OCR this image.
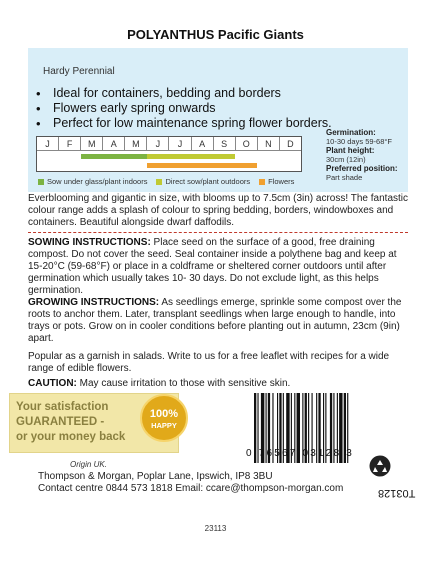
POLYANTHUS Pacific Giants
Hardy Perennial
• Ideal for containers, bedding and borders
• Flowers early spring onwards
• Perfect for low maintenance spring flower borders.
J	F	M	A	M	J	J	A	S	O	N	D
Sow under glass/plant indoors Direct sow/plant outdoors Flowers
Germination:
10-30 days 59-68°F
Plant height:
30cm (12in)
Preferred position:
Part shade
Everblooming and gigantic in size, with blooms up to 7.5cm (3in) across! The fantastic colour range adds a splash of colour to spring bedding, borders, windowboxes and containers. Beautiful alongside dwarf daffodils.
SOWING INSTRUCTIONS: Place seed on the surface of a good, free draining compost. Do not cover the seed. Seal container inside a polythene bag and keep at 15-20°C (59-68°F) or place in a coldframe or sheltered corner outdoors until after germination which usually takes 10- 30 days. Do not exclude light, as this helps germination.
GROWING INSTRUCTIONS: As seedlings emerge, sprinkle some compost over the roots to anchor them. Later, transplant seedlings when large enough to handle, into trays or pots. Grow on in cooler conditions before planting out in autumn, 23cm (9in) apart.
Popular as a garnish in salads. Write to us for a free leaflet with recipes for a wide range of edible flowers.
CAUTION: May cause irritation to those with sensitive skin.
Your satisfaction
GUARANTEED -
or your money back
100%
HAPPY
0 76567 03128 3
Origin UK.
Thompson & Morgan, Poplar Lane, Ipswich, IP8 3BU
Contact centre 0844 573 1818 Email: ccare@thompson-morgan.com	T03128
23113
